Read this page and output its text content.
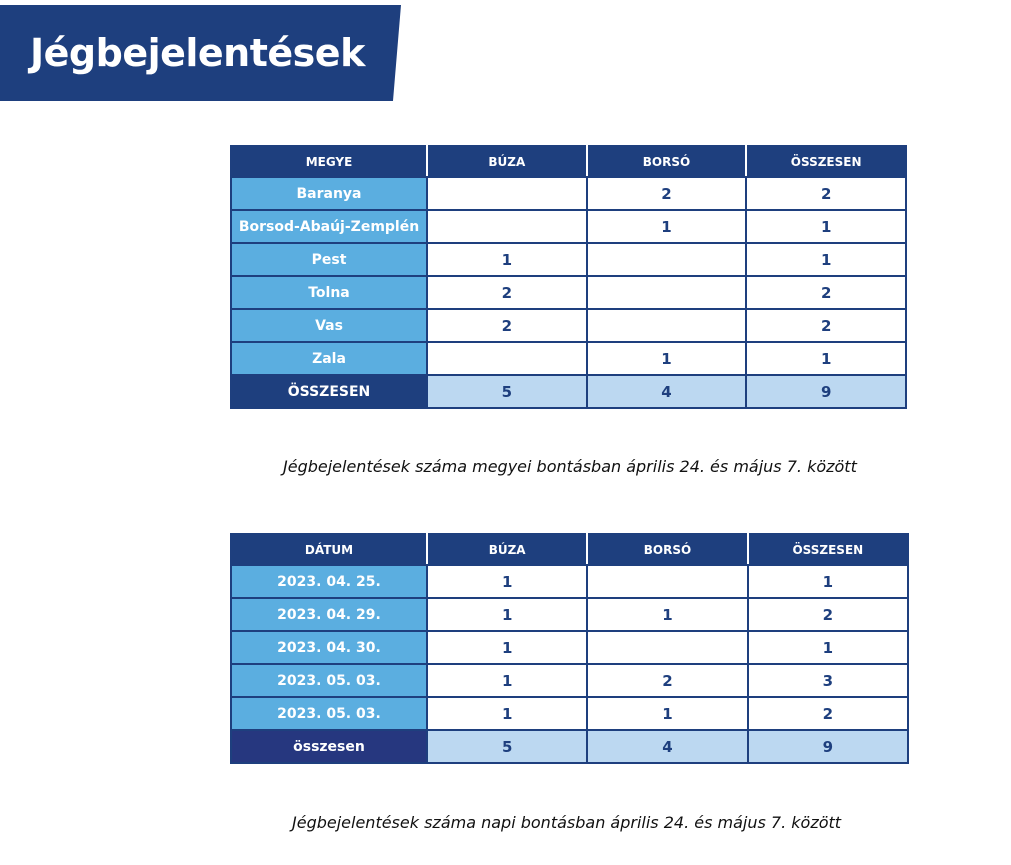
Jégbejelentések
MEGYE	BÚZA	BORSÓ	ÖSSZESEN
Baranya		2	2
Borsod-Abaúj-Zemplén		1	1
Pest	1		1
Tolna	2		2
Vas	2		2
Zala		1	1
ÖSSZESEN	5	4	9

Jégbejelentések száma megyei bontásban április 24. és május 7. között

DÁTUM	BÚZA	BORSÓ	ÖSSZESEN
2023. 04. 25.	1		1
2023. 04. 29.	1	1	2
2023. 04. 30.	1		1
2023. 05. 03.	1	2	3
2023. 05. 03.	1	1	2
összesen	5	4	9

Jégbejelentések száma napi bontásban április 24. és május 7. között
